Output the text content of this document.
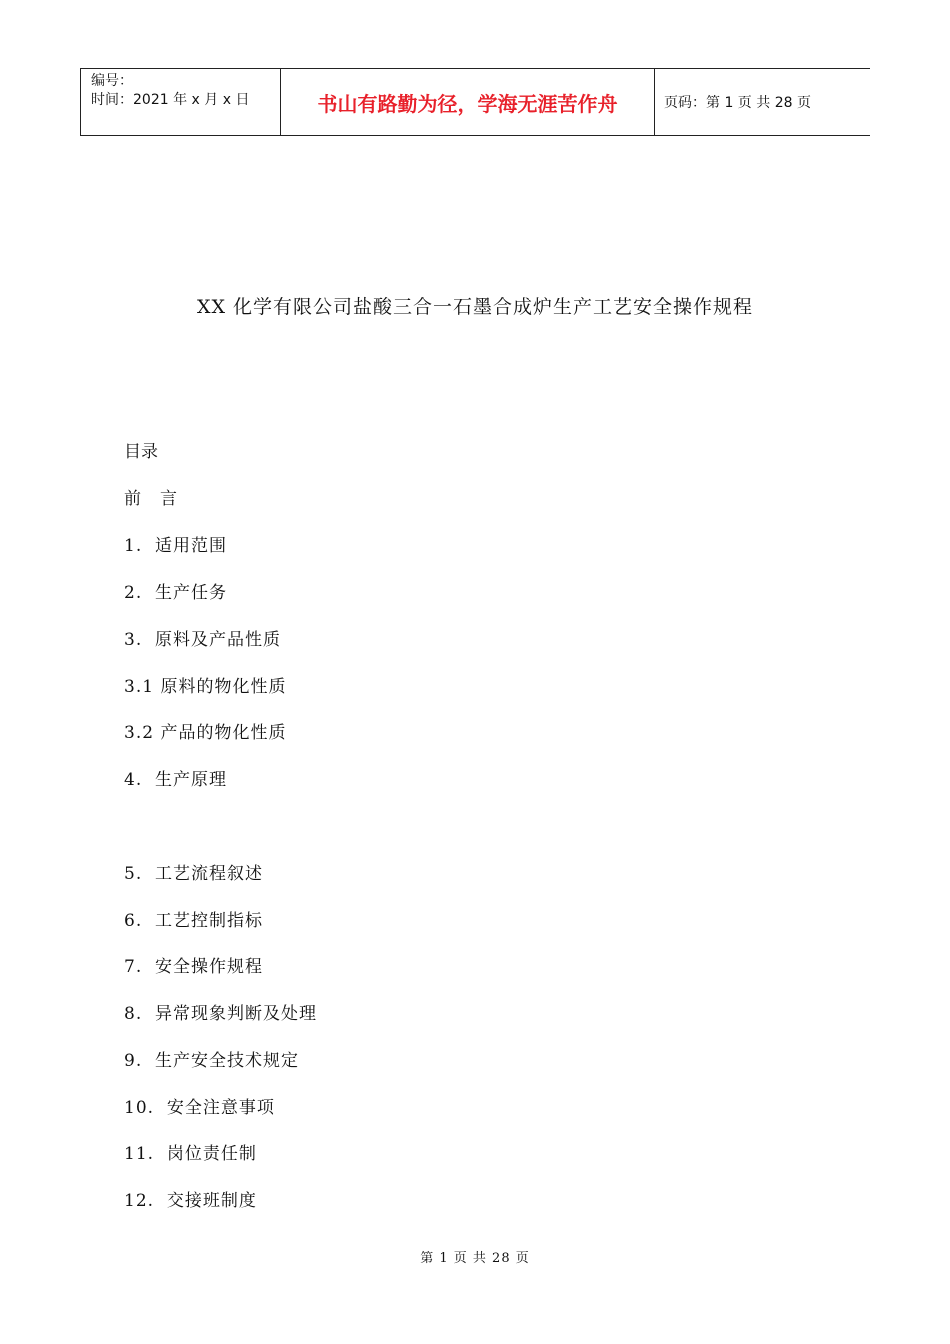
编号：
时间：2021 年 x 月 x 日	书山有路勤为径，学海无涯苦作舟	页码：第 1 页 共 28 页
XX 化学有限公司盐酸三合一石墨合成炉生产工艺安全操作规程
目录
前　言
1.  适用范围
2.  生产任务
3.  原料及产品性质
3.1 原料的物化性质
3.2 产品的物化性质
4.  生产原理
5.  工艺流程叙述
6.  工艺控制指标
7.  安全操作规程
8.  异常现象判断及处理
9.  生产安全技术规定
10.  安全注意事项
11.  岗位责任制
12.  交接班制度
第 1 页 共 28 页
